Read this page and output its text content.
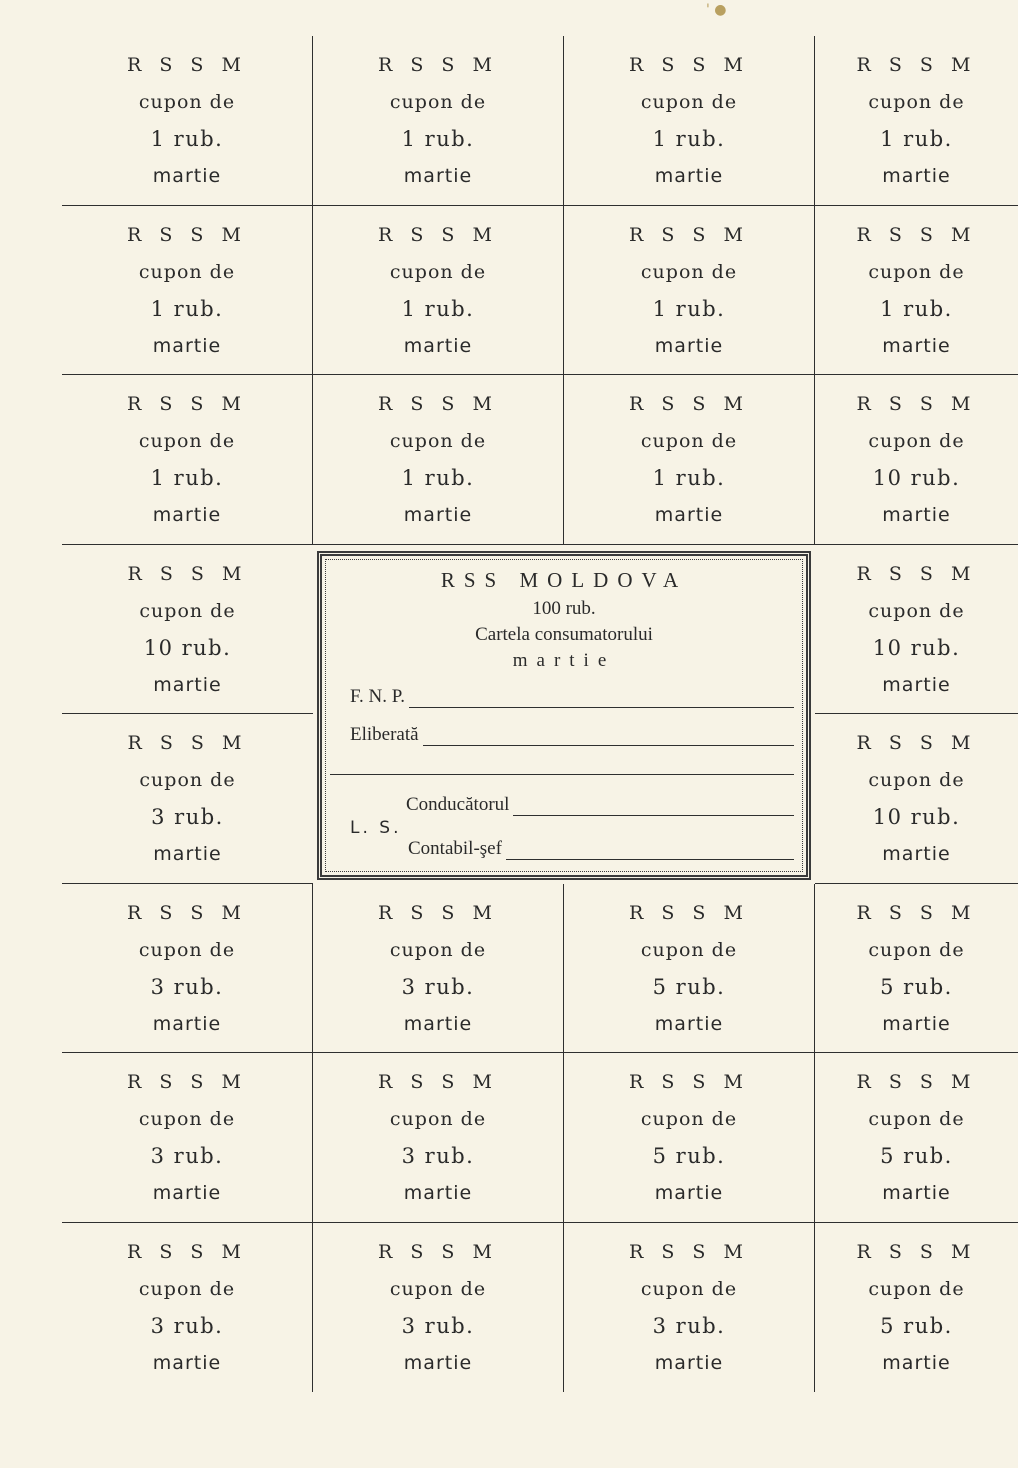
' ●
RSS MOLDOVA
100 rub.
Cartela consumatorului
martie
F. N. P.
Eliberată
L. S.
Conducătorul
Contabil-şef
R S S M
cupon de
1 rub.
martie
R S S M
cupon de
1 rub.
martie
R S S M
cupon de
1 rub.
martie
R S S M
cupon de
1 rub.
martie
R S S M
cupon de
1 rub.
martie
R S S M
cupon de
1 rub.
martie
R S S M
cupon de
1 rub.
martie
R S S M
cupon de
1 rub.
martie
R S S M
cupon de
1 rub.
martie
R S S M
cupon de
1 rub.
martie
R S S M
cupon de
1 rub.
martie
R S S M
cupon de
10 rub.
martie
R S S M
cupon de
10 rub.
martie
R S S M
cupon de
10 rub.
martie
R S S M
cupon de
3 rub.
martie
R S S M
cupon de
10 rub.
martie
R S S M
cupon de
3 rub.
martie
R S S M
cupon de
3 rub.
martie
R S S M
cupon de
5 rub.
martie
R S S M
cupon de
5 rub.
martie
R S S M
cupon de
3 rub.
martie
R S S M
cupon de
3 rub.
martie
R S S M
cupon de
5 rub.
martie
R S S M
cupon de
5 rub.
martie
R S S M
cupon de
3 rub.
martie
R S S M
cupon de
3 rub.
martie
R S S M
cupon de
3 rub.
martie
R S S M
cupon de
5 rub.
martie
